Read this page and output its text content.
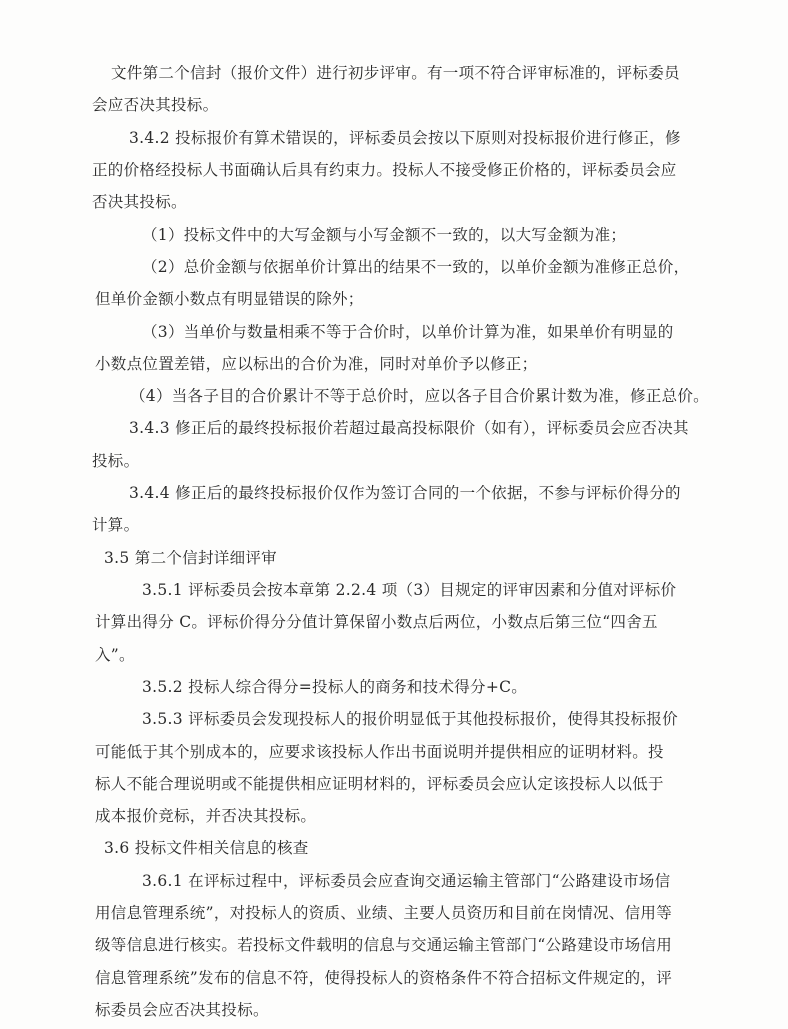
文件第二个信封（报价文件）进行初步评审。有一项不符合评审标准的，评标委员
会应否决其投标。
3.4.2 投标报价有算术错误的，评标委员会按以下原则对投标报价进行修正，修
正的价格经投标人书面确认后具有约束力。投标人不接受修正价格的，评标委员会应
否决其投标。
（1）投标文件中的大写金额与小写金额不一致的，以大写金额为准；
（2）总价金额与依据单价计算出的结果不一致的，以单价金额为准修正总价，
但单价金额小数点有明显错误的除外；
（3）当单价与数量相乘不等于合价时，以单价计算为准，如果单价有明显的
小数点位置差错，应以标出的合价为准，同时对单价予以修正；
（4）当各子目的合价累计不等于总价时，应以各子目合价累计数为准，修正总价。
3.4.3 修正后的最终投标报价若超过最高投标限价（如有），评标委员会应否决其
投标。
3.4.4 修正后的最终投标报价仅作为签订合同的一个依据，不参与评标价得分的
计算。
3.5 第二个信封详细评审
3.5.1 评标委员会按本章第 2.2.4 项（3）目规定的评审因素和分值对评标价
计算出得分 C。评标价得分分值计算保留小数点后两位，小数点后第三位“四舍五
入”。
3.5.2 投标人综合得分=投标人的商务和技术得分+C。
3.5.3 评标委员会发现投标人的报价明显低于其他投标报价，使得其投标报价
可能低于其个别成本的，应要求该投标人作出书面说明并提供相应的证明材料。投
标人不能合理说明或不能提供相应证明材料的，评标委员会应认定该投标人以低于
成本报价竞标，并否决其投标。
3.6 投标文件相关信息的核查
3.6.1 在评标过程中，评标委员会应查询交通运输主管部门“公路建设市场信
用信息管理系统”，对投标人的资质、业绩、主要人员资历和目前在岗情况、信用等
级等信息进行核实。若投标文件载明的信息与交通运输主管部门“公路建设市场信用
信息管理系统”发布的信息不符，使得投标人的资格条件不符合招标文件规定的，评
标委员会应否决其投标。
